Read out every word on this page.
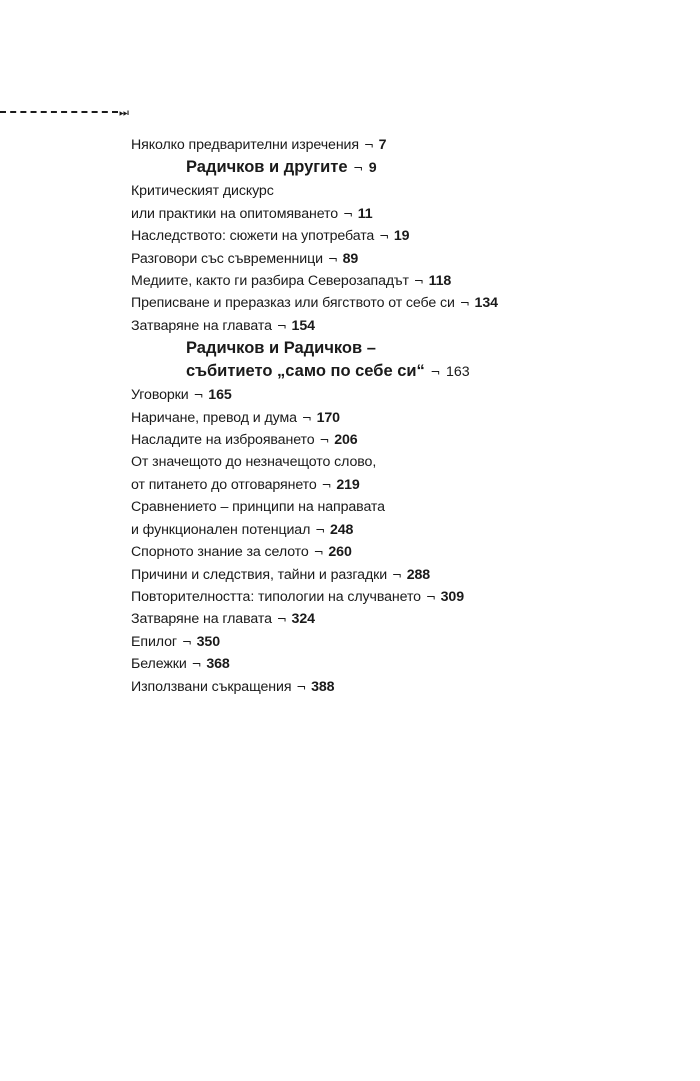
⏭
Няколко предварителни изречения ¬ 7
Радичков и другите ¬ 9
Критическият дискурс
или практики на опитомяването ¬ 11
Наследството: сюжети на употребата ¬ 19
Разговори със съвременници ¬ 89
Медиите, както ги разбира Северозападът ¬ 118
Преписване и преразказ или бягството от себе си ¬ 134
Затваряне на главата ¬ 154
Радичков и Радичков –
събитието „само по себе си“ ¬ 163
Уговорки ¬ 165
Наричане, превод и дума ¬ 170
Насладите на изброяването ¬ 206
От значещото до незначещото слово,
от питането до отговарянето ¬ 219
Сравнението – принципи на направата
и функционален потенциал ¬ 248
Спорното знание за селото ¬ 260
Причини и следствия, тайни и разгадки ¬ 288
Повторителността: типологии на случването ¬ 309
Затваряне на главата ¬ 324
Епилог ¬ 350
Бележки ¬ 368
Използвани съкращения ¬ 388
